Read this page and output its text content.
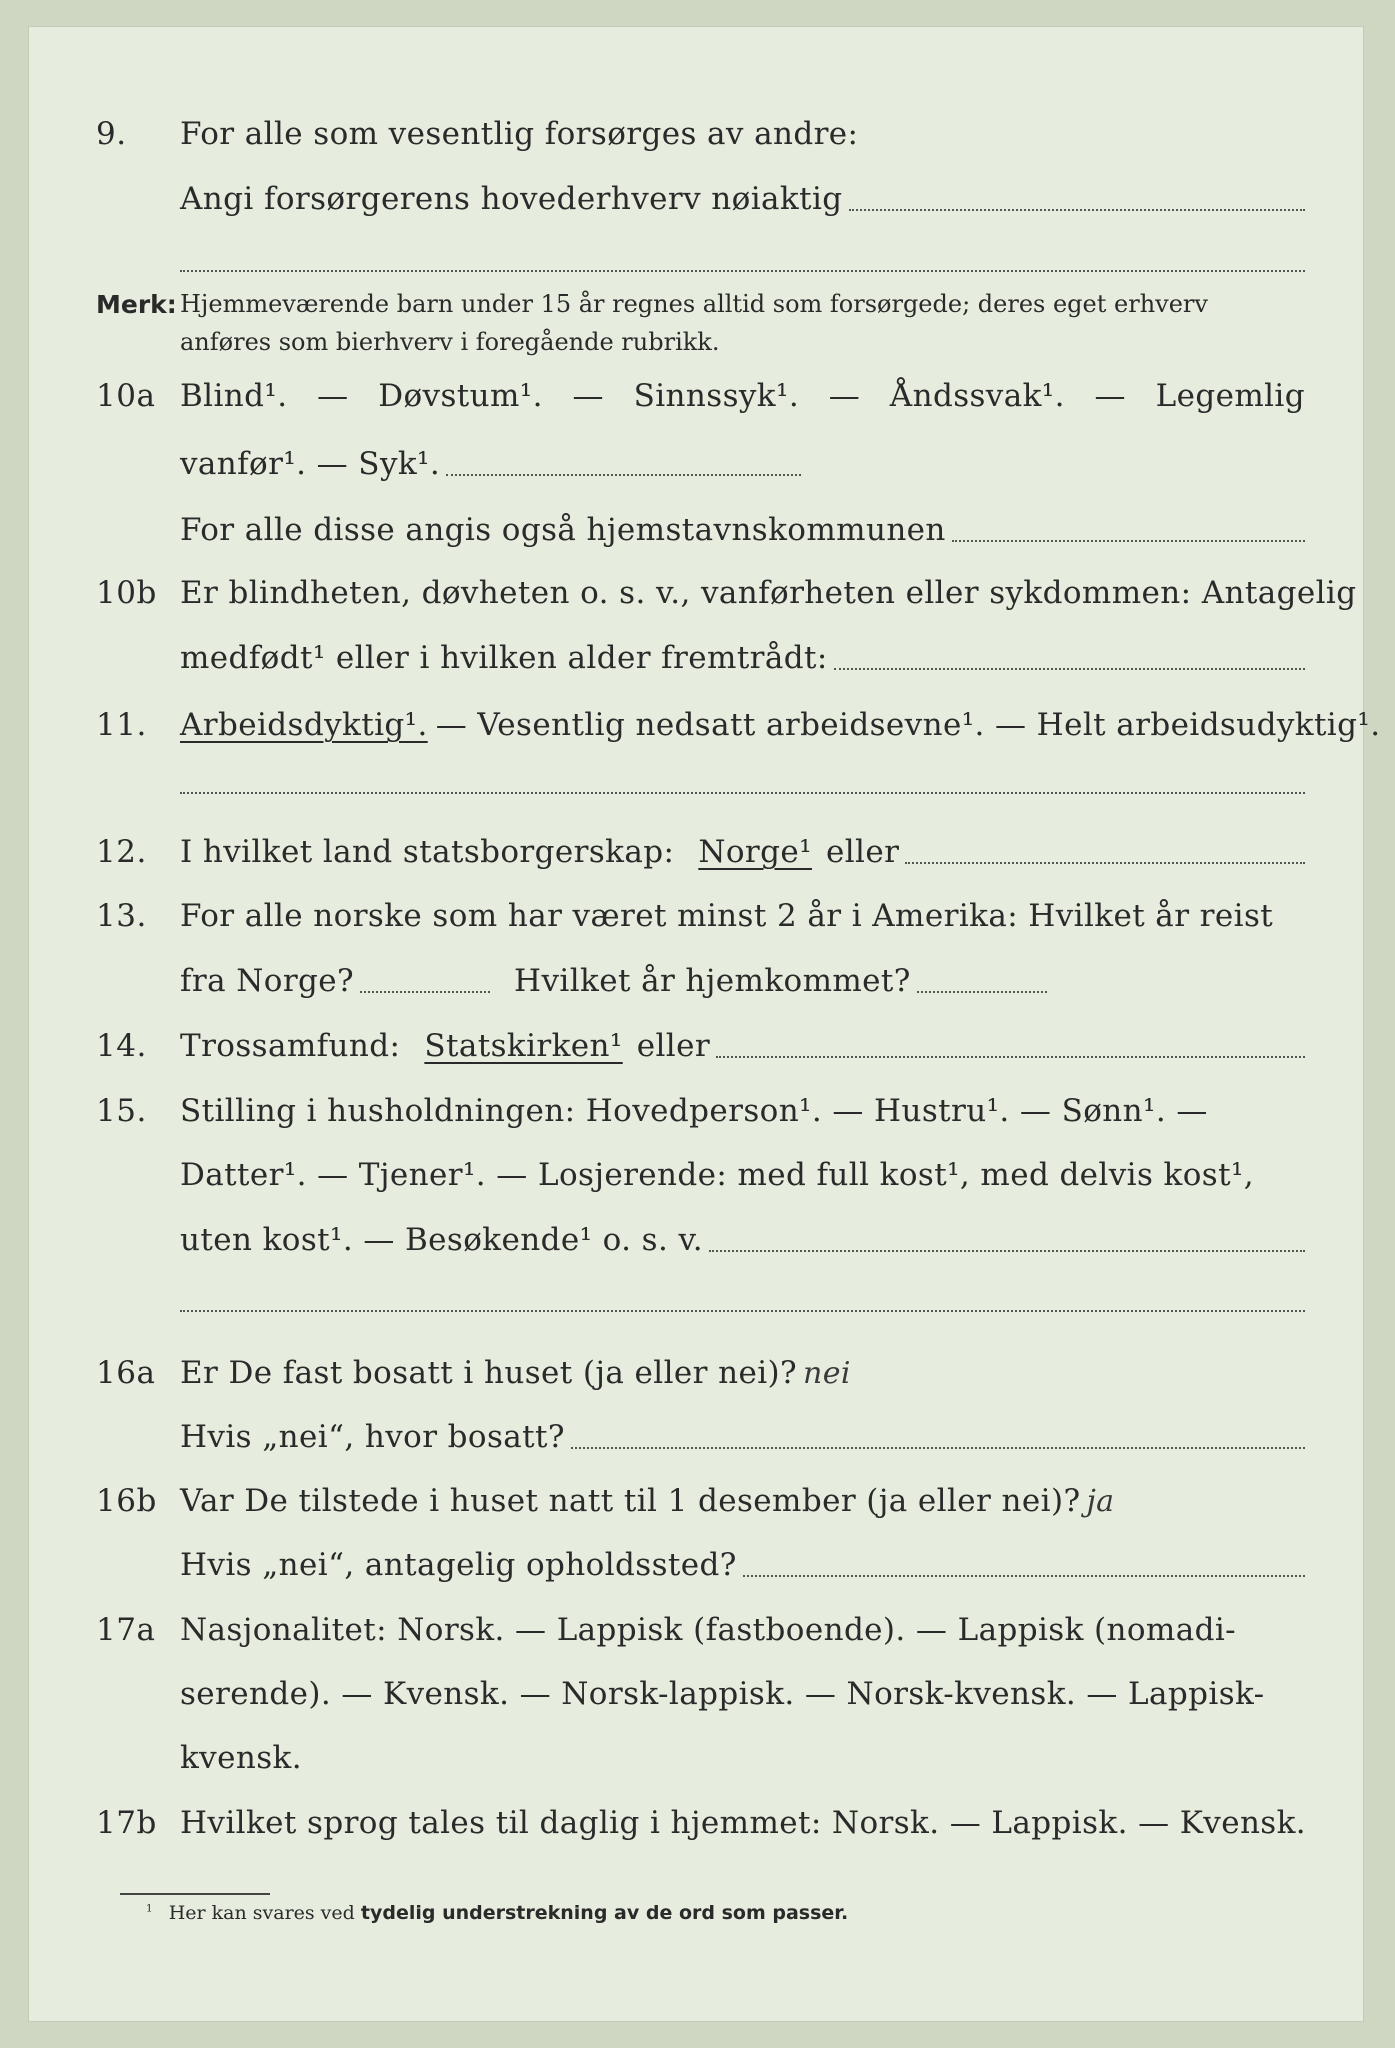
9. For alle som vesentlig forsørges av andre:
Angi forsørgerens hovederhverv nøiaktig
Merk: Hjemmeværende barn under 15 år regnes alltid som forsørgede; deres eget erhverv
anføres som bierhverv i foregående rubrikk.
10a Blind¹. — Døvstum¹. — Sinnssyk¹. — Åndssvak¹. — Legemlig
vanfør¹. — Syk¹.
For alle disse angis også hjemstavnskommunen
10b Er blindheten, døvheten o. s. v., vanførheten eller sykdommen: Antagelig
medfødt¹ eller i hvilken alder fremtrådt:
11. Arbeidsdyktig¹. — Vesentlig nedsatt arbeidsevne¹. — Helt arbeidsudyktig¹.
12. I hvilket land statsborgerskap: Norge¹ eller
13. For alle norske som har været minst 2 år i Amerika: Hvilket år reist
fra Norge?	Hvilket år hjemkommet?
14. Trossamfund: Statskirken¹ eller
15. Stilling i husholdningen: Hovedperson¹. — Hustru¹. — Sønn¹. —
Datter¹. — Tjener¹. — Losjerende: med full kost¹, med delvis kost¹,
uten kost¹. — Besøkende¹ o. s. v.
16a Er De fast bosatt i huset (ja eller nei)? nei
Hvis „nei“, hvor bosatt?
16b Var De tilstede i huset natt til 1 desember (ja eller nei)? ja
Hvis „nei“, antagelig opholdssted?
17a Nasjonalitet: Norsk. — Lappisk (fastboende). — Lappisk (nomadi-
serende). — Kvensk. — Norsk-lappisk. — Norsk-kvensk. — Lappisk-
kvensk.
17b Hvilket sprog tales til daglig i hjemmet: Norsk. — Lappisk. — Kvensk.
$^1$ Her kan svares ved tydelig understrekning av de ord som passer.
